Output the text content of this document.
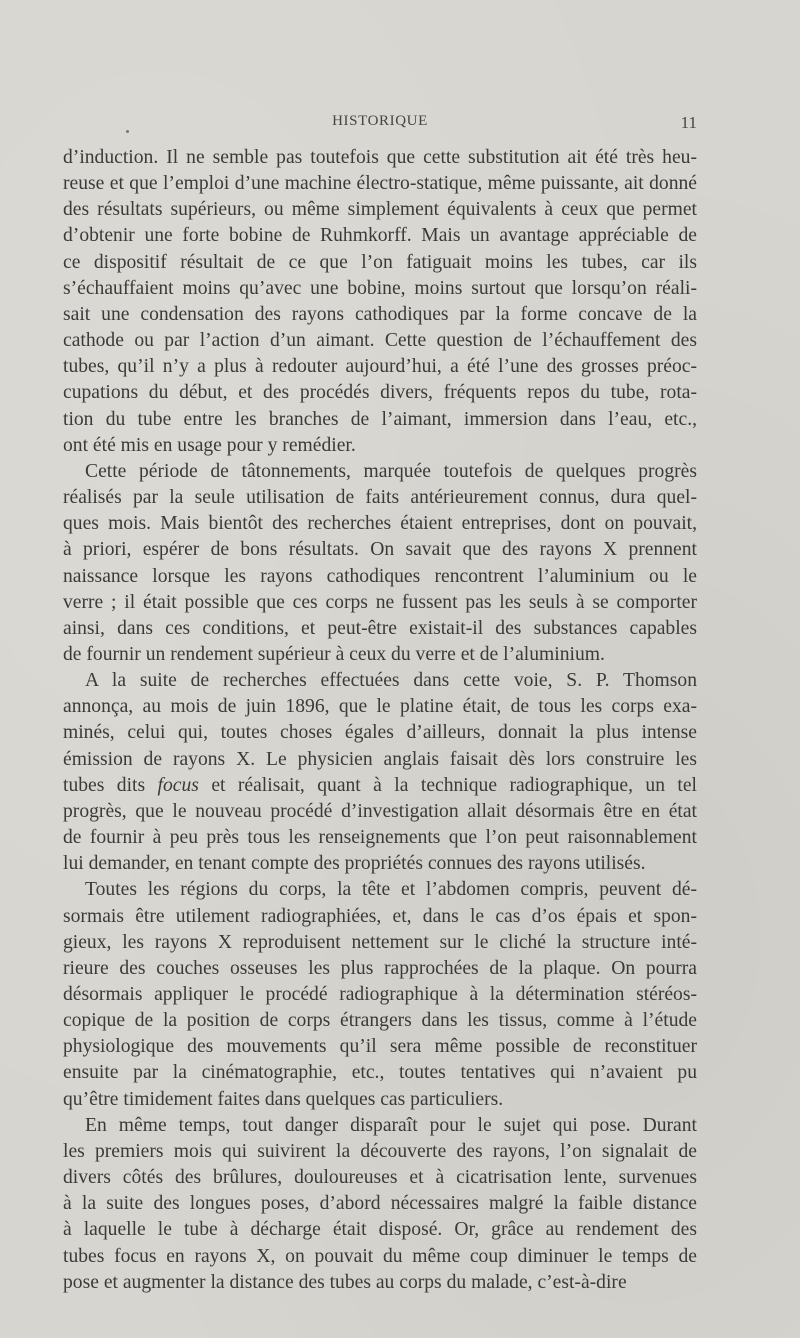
HISTORIQUE	11

d’induction. Il ne semble pas toutefois que cette substitution ait été très heu-
reuse et que l’emploi d’une machine électro-statique, même puissante, ait donné
des résultats supérieurs, ou même simplement équivalents à ceux que permet
d’obtenir une forte bobine de Ruhmkorff. Mais un avantage appréciable de
ce dispositif résultait de ce que l’on fatiguait moins les tubes, car ils
s’échauffaient moins qu’avec une bobine, moins surtout que lorsqu’on réali-
sait une condensation des rayons cathodiques par la forme concave de la
cathode ou par l’action d’un aimant. Cette question de l’échauffement des
tubes, qu’il n’y a plus à redouter aujourd’hui, a été l’une des grosses préoc-
cupations du début, et des procédés divers, fréquents repos du tube, rota-
tion du tube entre les branches de l’aimant, immersion dans l’eau, etc.,
ont été mis en usage pour y remédier.

Cette période de tâtonnements, marquée toutefois de quelques progrès
réalisés par la seule utilisation de faits antérieurement connus, dura quel-
ques mois. Mais bientôt des recherches étaient entreprises, dont on pouvait,
à priori, espérer de bons résultats. On savait que des rayons X prennent
naissance lorsque les rayons cathodiques rencontrent l’aluminium ou le
verre ; il était possible que ces corps ne fussent pas les seuls à se comporter
ainsi, dans ces conditions, et peut-être existait-il des substances capables
de fournir un rendement supérieur à ceux du verre et de l’aluminium.

A la suite de recherches effectuées dans cette voie, S. P. Thomson
annonça, au mois de juin 1896, que le platine était, de tous les corps exa-
minés, celui qui, toutes choses égales d’ailleurs, donnait la plus intense
émission de rayons X. Le physicien anglais faisait dès lors construire les
tubes dits focus et réalisait, quant à la technique radiographique, un tel
progrès, que le nouveau procédé d’investigation allait désormais être en état
de fournir à peu près tous les renseignements que l’on peut raisonnablement
lui demander, en tenant compte des propriétés connues des rayons utilisés.

Toutes les régions du corps, la tête et l’abdomen compris, peuvent dé-
sormais être utilement radiographiées, et, dans le cas d’os épais et spon-
gieux, les rayons X reproduisent nettement sur le cliché la structure inté-
rieure des couches osseuses les plus rapprochées de la plaque. On pourra
désormais appliquer le procédé radiographique à la détermination stéréos-
copique de la position de corps étrangers dans les tissus, comme à l’étude
physiologique des mouvements qu’il sera même possible de reconstituer
ensuite par la cinématographie, etc., toutes tentatives qui n’avaient pu
qu’être timidement faites dans quelques cas particuliers.

En même temps, tout danger disparaît pour le sujet qui pose. Durant
les premiers mois qui suivirent la découverte des rayons, l’on signalait de
divers côtés des brûlures, douloureuses et à cicatrisation lente, survenues
à la suite des longues poses, d’abord nécessaires malgré la faible distance
à laquelle le tube à décharge était disposé. Or, grâce au rendement des
tubes focus en rayons X, on pouvait du même coup diminuer le temps de
pose et augmenter la distance des tubes au corps du malade, c’est-à-dire
